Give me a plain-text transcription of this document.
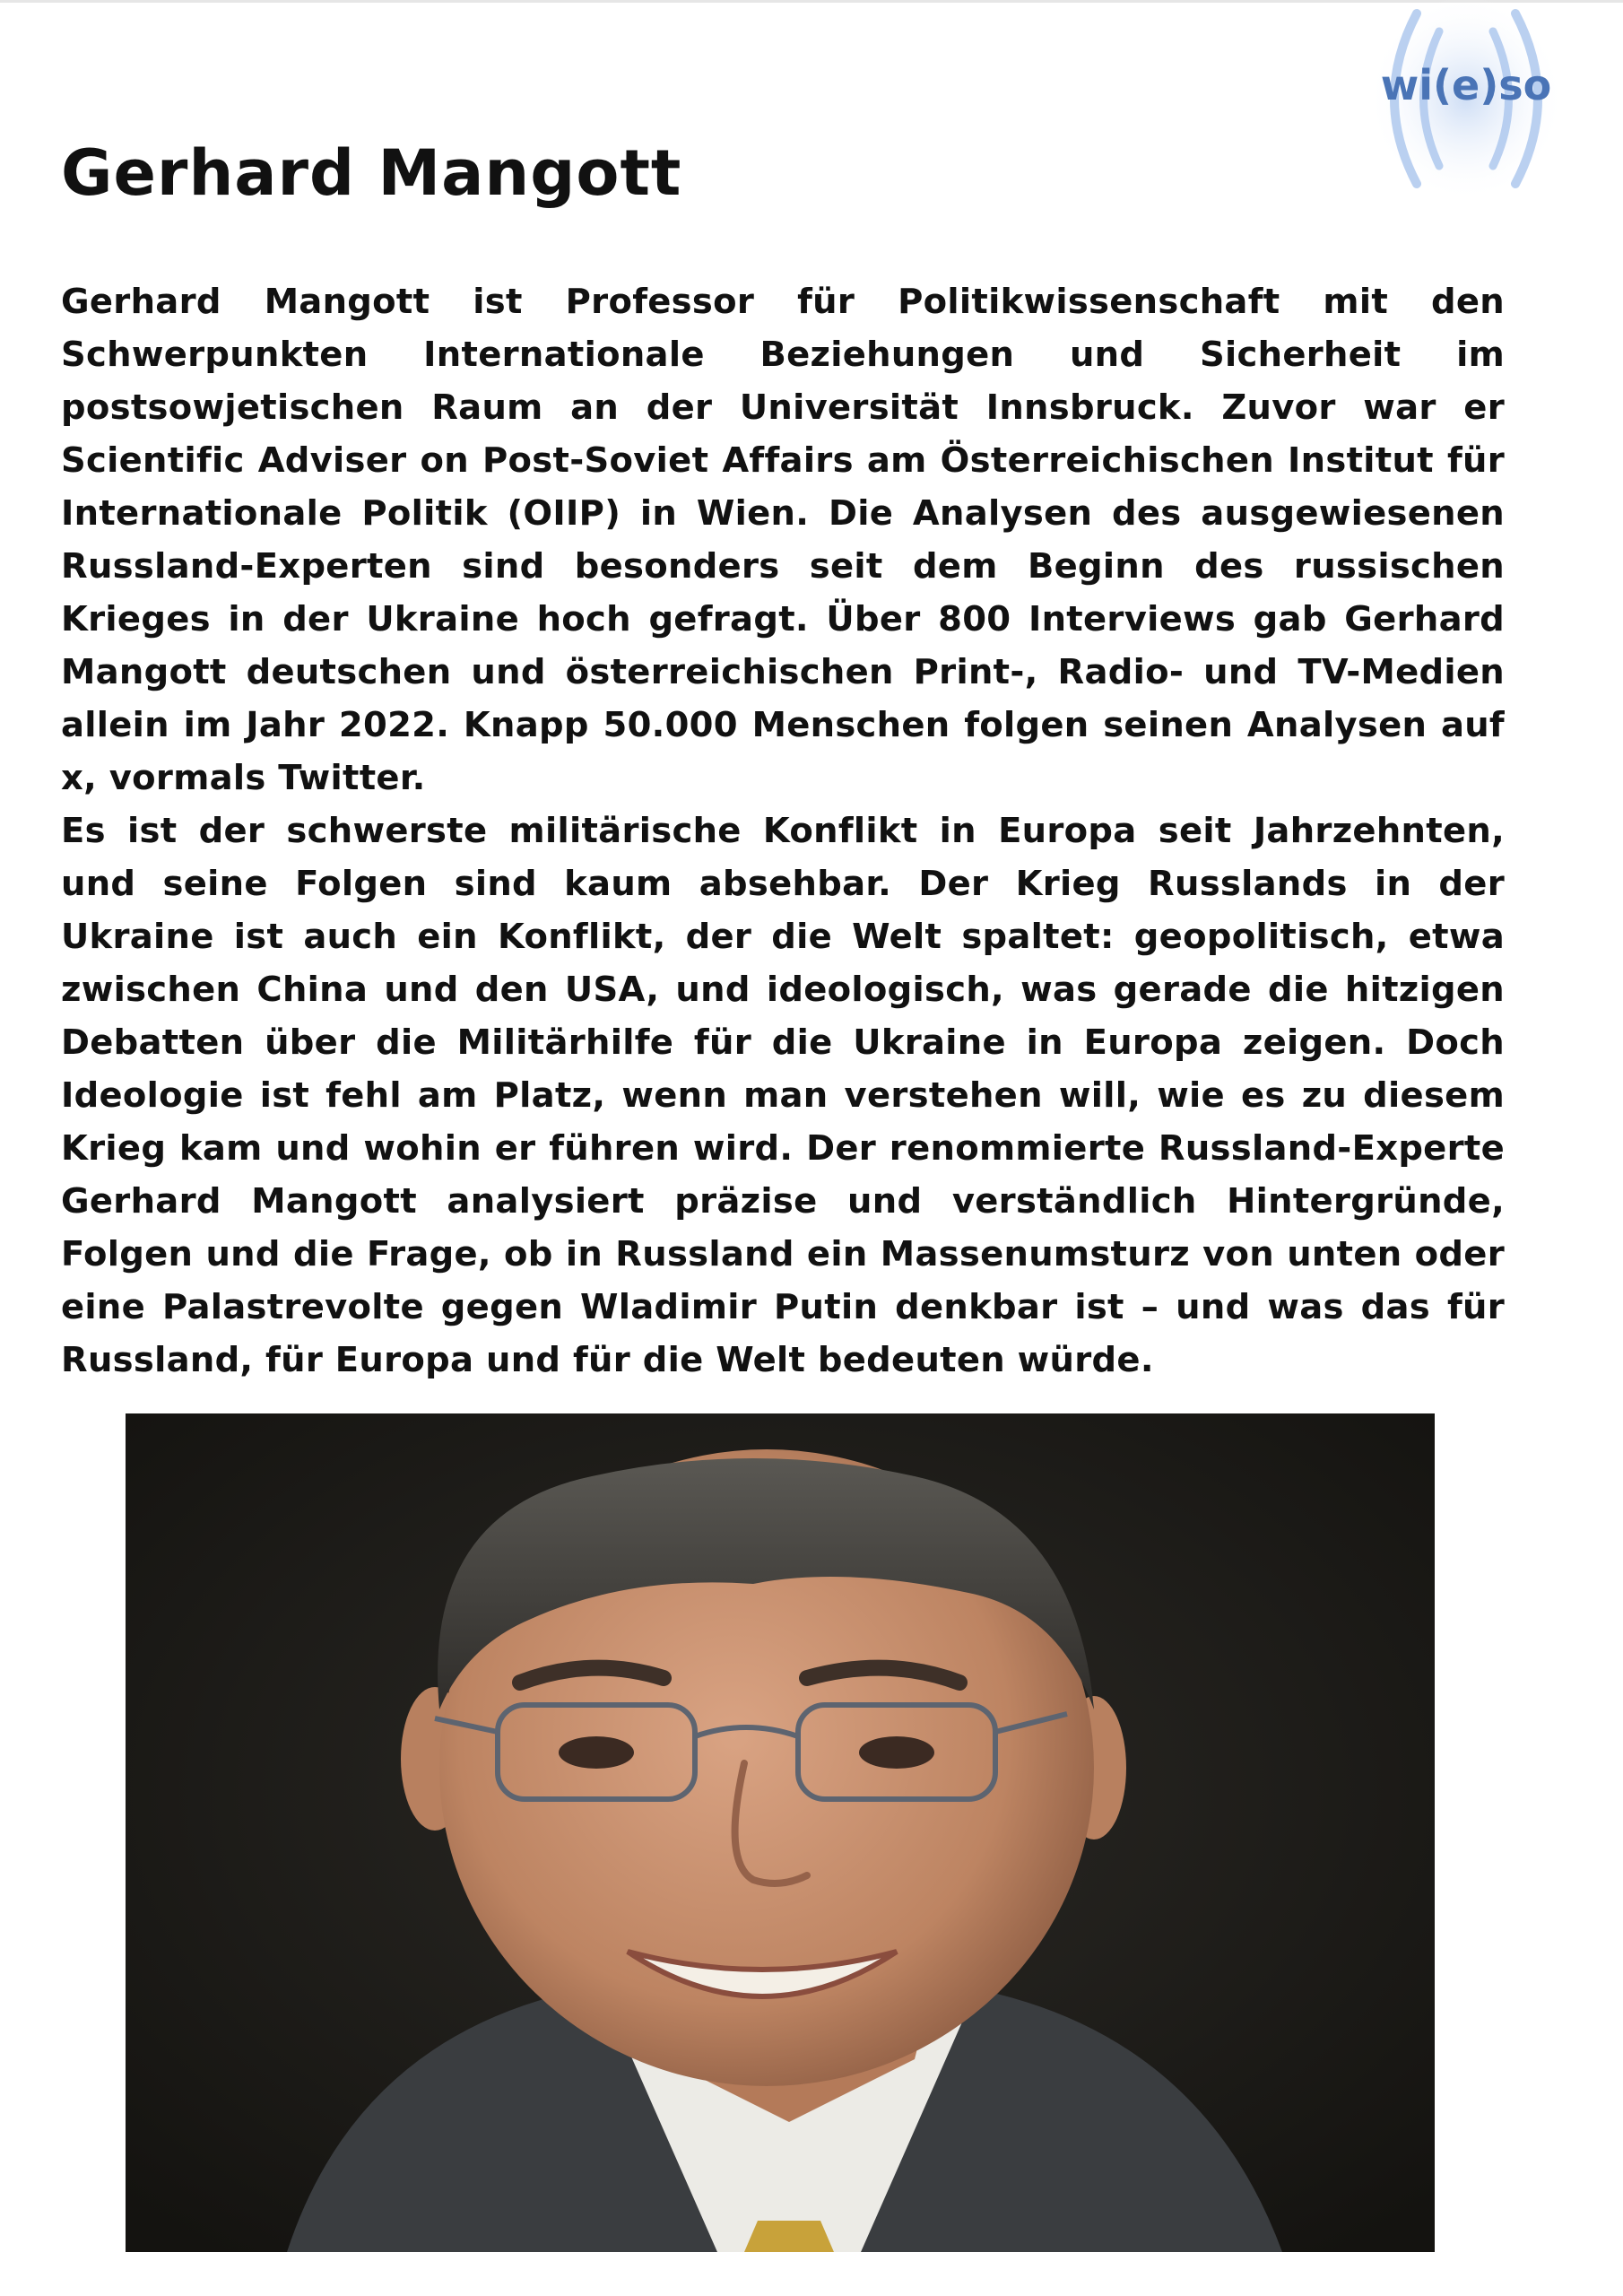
wi(e)so
Gerhard Mangott

Gerhard Mangott ist Professor für Politikwissenschaft mit den Schwerpunkten Internationale Beziehungen und Sicherheit im postsowjetischen Raum an der Universität Innsbruck. Zuvor war er Scientific Adviser on Post-Soviet Affairs am Österreichischen Institut für Internationale Politik (OIIP) in Wien. Die Analysen des ausgewiesenen Russland-Experten sind besonders seit dem Beginn des russischen Krieges in der Ukraine hoch gefragt. Über 800 Interviews gab Gerhard Mangott deutschen und österreichischen Print-, Radio- und TV-Medien allein im Jahr 2022. Knapp 50.000 Menschen folgen seinen Analysen auf x, vormals Twitter.

Es ist der schwerste militärische Konflikt in Europa seit Jahrzehnten, und seine Folgen sind kaum absehbar. Der Krieg Russlands in der Ukraine ist auch ein Konflikt, der die Welt spaltet: geopolitisch, etwa zwischen China und den USA, und ideologisch, was gerade die hitzigen Debatten über die Militärhilfe für die Ukraine in Europa zeigen. Doch Ideologie ist fehl am Platz, wenn man verstehen will, wie es zu diesem Krieg kam und wohin er führen wird. Der renommierte Russland-Experte Gerhard Mangott analysiert präzise und verständlich Hintergründe, Folgen und die Frage, ob in Russland ein Massenumsturz von unten oder eine Palastrevolte gegen Wladimir Putin denkbar ist – und was das für Russland, für Europa und für die Welt bedeuten würde.
